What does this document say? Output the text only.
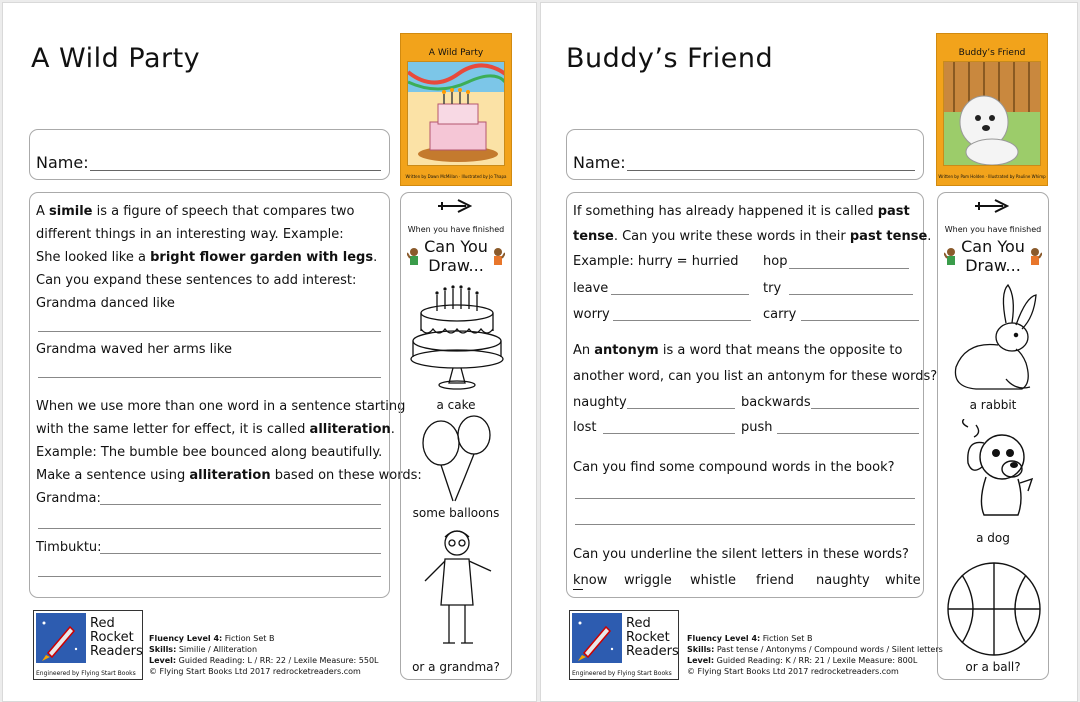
A Wild Party	A Wild Party
Written by Dawn McMillan · Illustrated by Jo Thapa
Name:
A simile is a figure of speech that compares two
different things in an interesting way. Example:
She looked like a bright flower garden with legs.
Can you expand these sentences to add interest:
Grandma danced like
Grandma waved her arms like
When we use more than one word in a sentence starting
with the same letter for effect, it is called alliteration.
Example: The bumble bee bounced along beautifully.
Make a sentence using alliteration based on these words:
Grandma:
Timbuktu:
When you have finished
Can You
Draw...
a cake
some balloons
or a grandma?
Red
Rocket
Readers
Engineered by Flying Start Books
Fluency Level 4: Fiction Set B
Skills: Similie / Alliteration
Level: Guided Reading: L / RR: 22 / Lexile Measure: 550L
© Flying Start Books Ltd 2017 redrocketreaders.com
Buddy’s Friend	Buddy’s Friend
Written by Pam Holden · Illustrated by Pauline Whimp
Name:
If something has already happened it is called past
tense. Can you write these words in their past tense.
Example: hurry = hurried hop
leave	try
worry	carry
An antonym is a word that means the opposite to
another word, can you list an antonym for these words?
naughty	backwards
lost	push
Can you find some compound words in the book?
Can you underline the silent letters in these words?
know wriggle whistle friend naughty white
When you have finished
Can You
Draw...
a rabbit
a dog
or a ball?
Red
Rocket
Readers
Engineered by Flying Start Books
Fluency Level 4: Fiction Set B
Skills: Past tense / Antonyms / Compound words / Silent letters
Level: Guided Reading: K / RR: 21 / Lexile Measure: 800L
© Flying Start Books Ltd 2017 redrocketreaders.com
